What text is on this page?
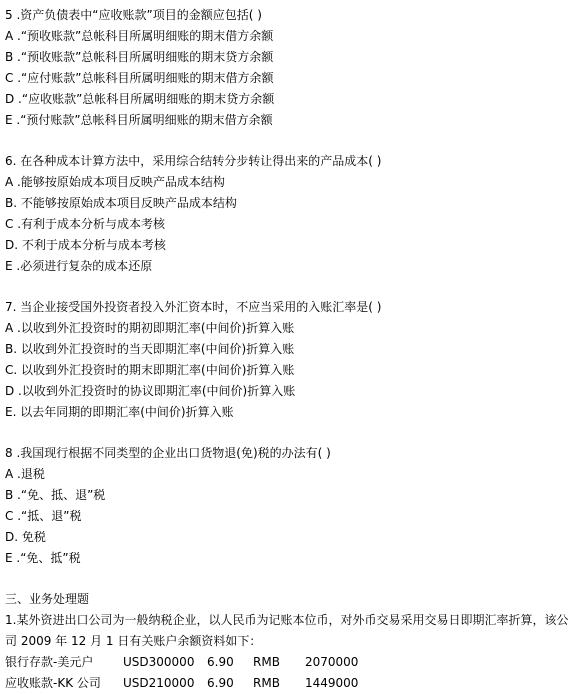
5 .资产负债表中“应收账款”项目的金额应包括( )
A .“预收账款”总帐科目所属明细账的期末借方余额
B .“预收账款”总帐科目所属明细账的期末贷方余额
C .“应付账款”总帐科目所属明细账的期末借方余额
D .“应收账款”总帐科目所属明细账的期末贷方余额
E .“预付账款”总帐科目所属明细账的期末借方余额
6. 在各种成本计算方法中，采用综合结转分步转让得出来的产品成本( )
A .能够按原始成本项目反映产品成本结构
B. 不能够按原始成本项目反映产品成本结构
C .有利于成本分析与成本考核
D. 不利于成本分析与成本考核
E .必须进行复杂的成本还原
7. 当企业接受国外投资者投入外汇资本时，不应当采用的入账汇率是( )
A .以收到外汇投资时的期初即期汇率(中间价)折算入账
B. 以收到外汇投资时的当天即期汇率(中间价)折算入账
C. 以收到外汇投资时的期末即期汇率(中间价)折算入账
D .以收到外汇投资时的协议即期汇率(中间价)折算入账
E. 以去年同期的即期汇率(中间价)折算入账
8 .我国现行根据不同类型的企业出口货物退(免)税的办法有( )
A .退税
B .“免、抵、退”税
C .“抵、退”税
D. 免税
E .“免、抵”税
三、业务处理题
1.某外资进出口公司为一般纳税企业，以人民币为记账本位币，对外币交易采用交易日即期汇率折算，该公司 2009 年 12 月 1 日有关账户余额资料如下：
银行存款-美元户	USD300000	6.90	RMB	2070000
应收账款-KK 公司	USD210000	6.90	RMB	1449000
